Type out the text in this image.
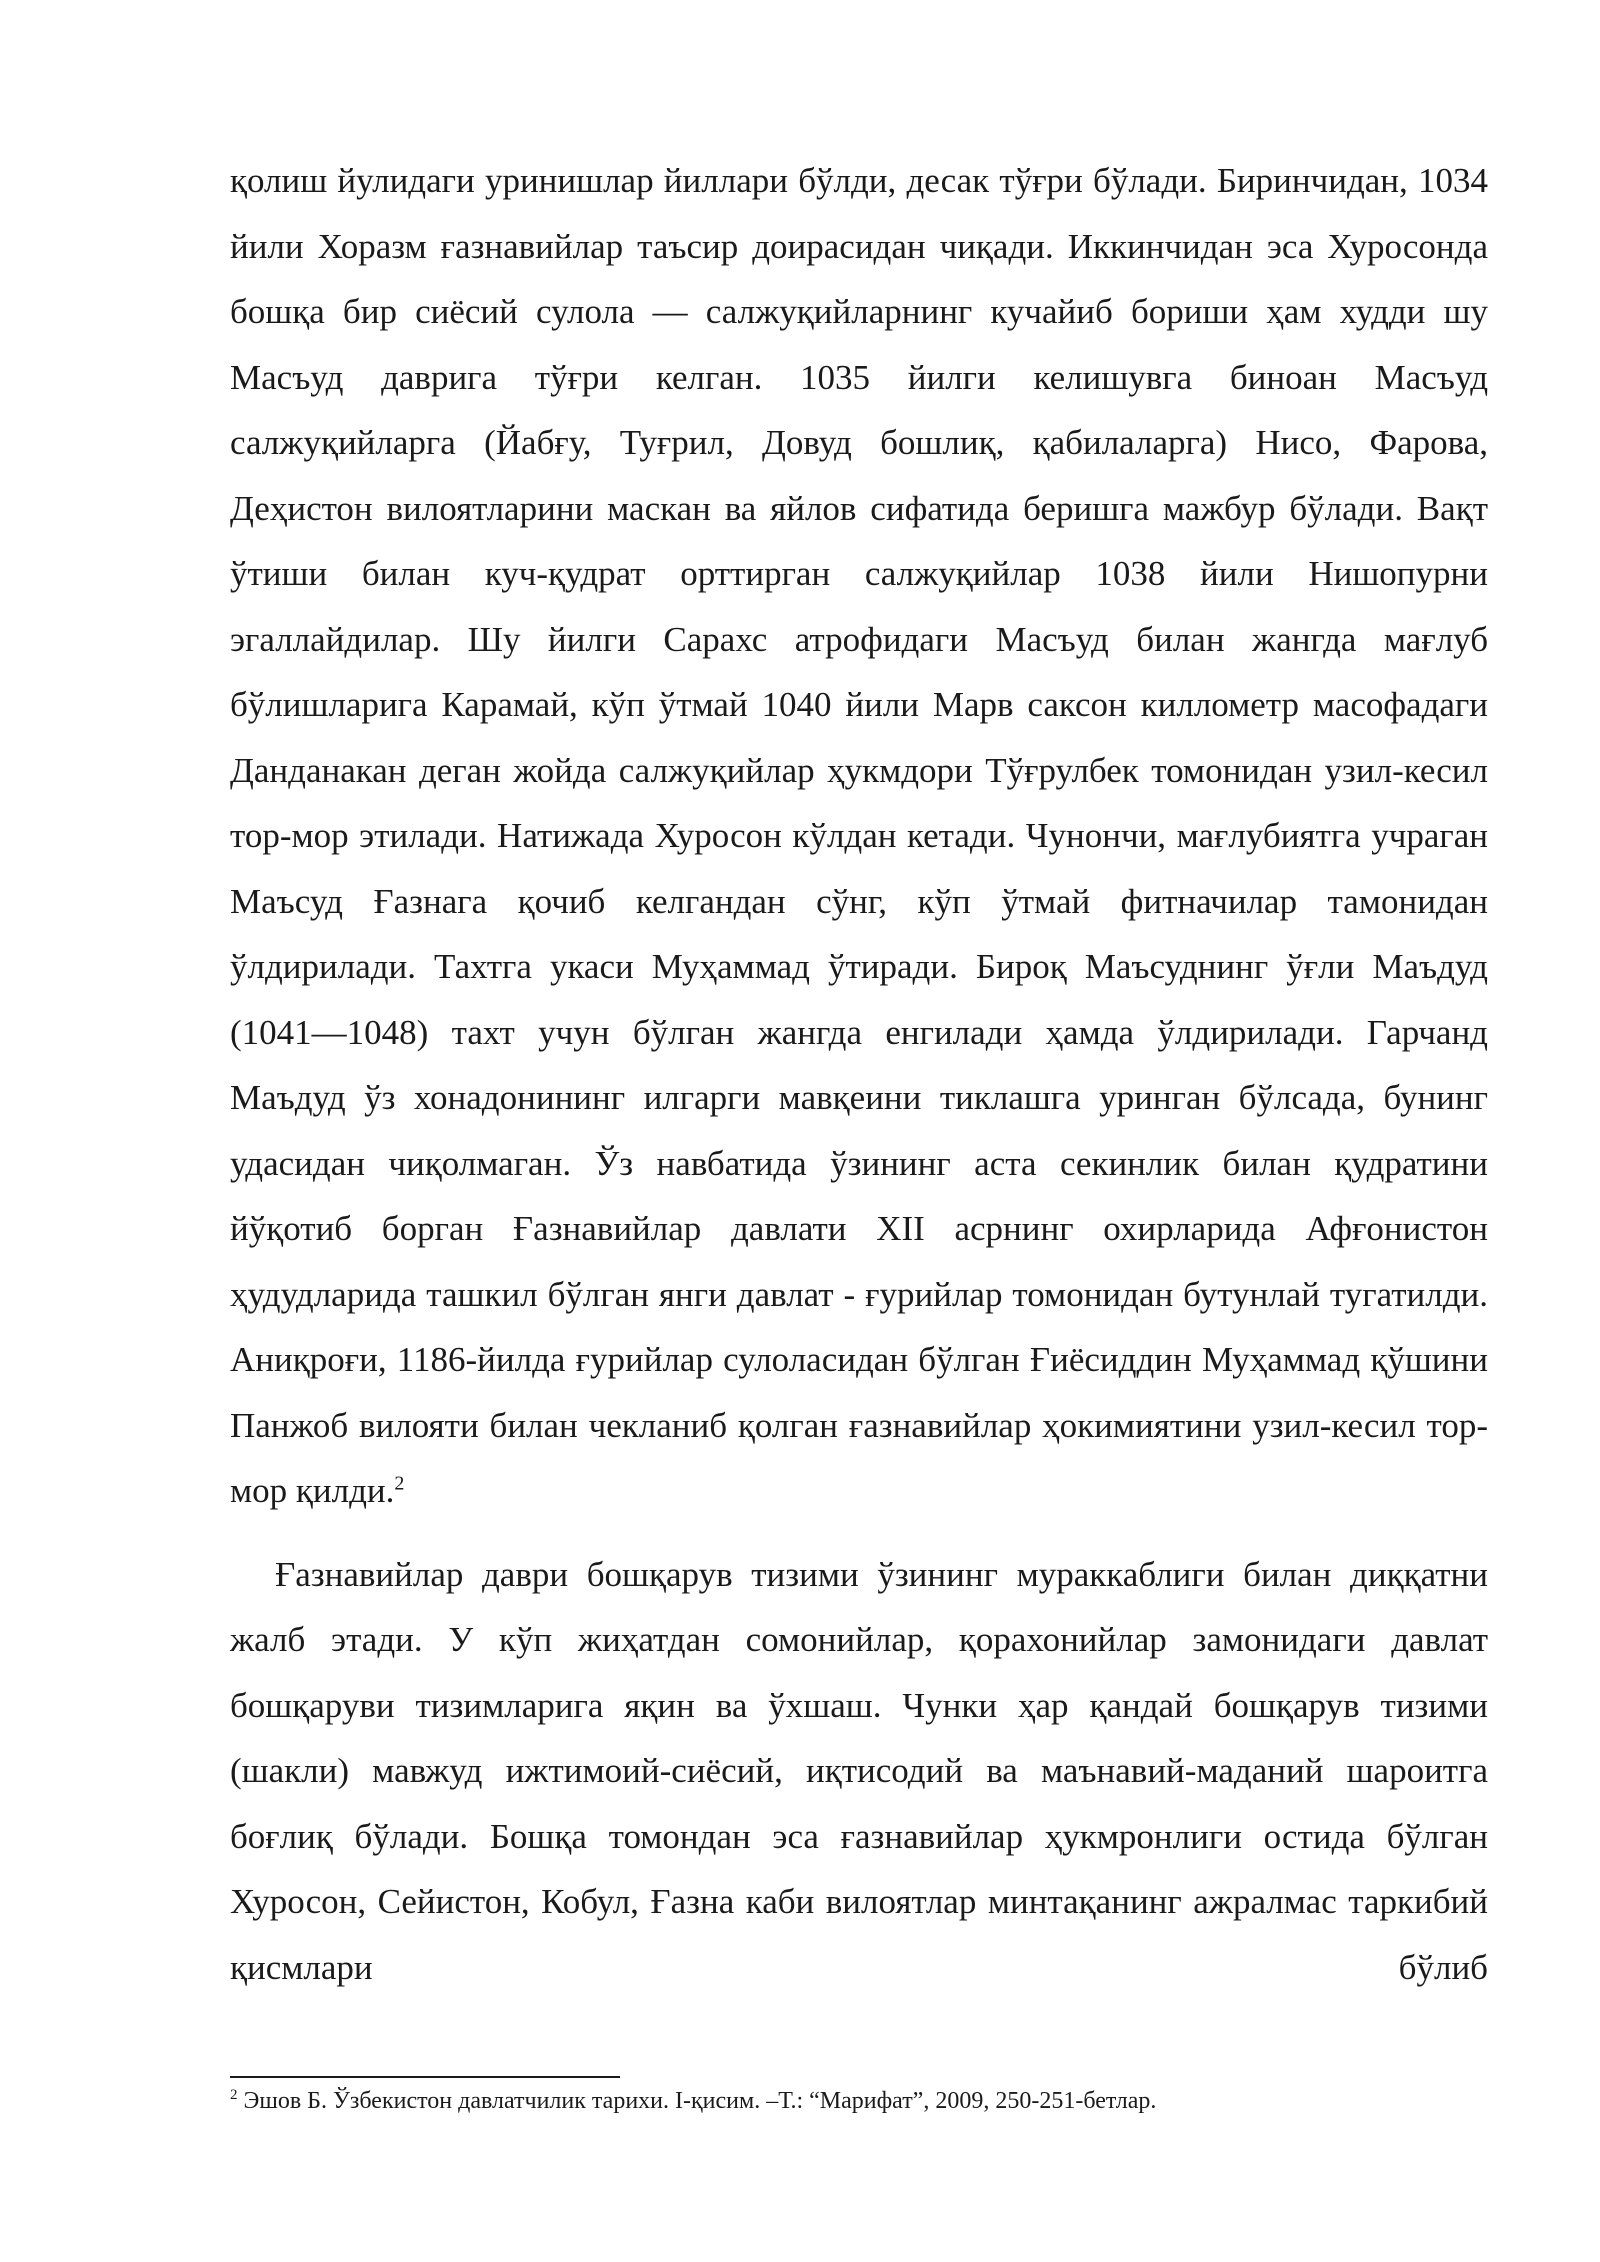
қолиш йулидаги уринишлар йиллари бўлди, десак тўғри бўлади. Биринчидан, 1034 йили Хоразм ғазнавийлар таъсир доирасидан чиқади. Иккинчидан эса Хуросонда бошқа бир сиёсий сулола — салжуқийларнинг кучайиб бориши ҳам худди шу Масъуд даврига тўғри келган. 1035 йилги келишувга биноан Масъуд салжуқийларга (Йабғу, Туғрил, Довуд бошлиқ, қабилаларга) Нисо, Фарова, Деҳистон вилоятларини маскан ва яйлов сифатида беришга мажбур бўлади. Вақт ўтиши билан куч-қудрат орттирган салжуқийлар 1038 йили Нишопурни эгаллайдилар. Шу йилги Сарахс атрофидаги Масъуд билан жангда мағлуб бўлишларига Карамай, кўп ўтмай 1040 йили Марв саксон киллометр масофадаги Данданакан деган жойда салжуқийлар ҳукмдори Тўғрулбек томонидан узил-кесил тор-мор этилади. Натижада Хуросон кўлдан кетади. Чунончи, мағлубиятга учраган Маъсуд Ғазнага қочиб келгандан сўнг, кўп ўтмай фитначилар тамонидан ўлдирилади. Тахтга укаси Муҳаммад ўтиради. Бироқ Маъсуднинг ўғли Маъдуд (1041—1048) тахт учун бўлган жангда енгилади ҳамда ўлдирилади. Гарчанд Маъдуд ўз хонадонининг илгарги мавқеини тиклашга уринган бўлсада, бунинг удасидан чиқолмаган. Ўз навбатида ўзининг аста секинлик билан қудратини йўқотиб борган Ғазнавийлар давлати XII асрнинг охирларида Афғонистон ҳудудларида ташкил бўлган янги давлат - ғурийлар томонидан бутунлай тугатилди. Аниқроғи, 1186-йилда ғурийлар сулоласидан бўлган Ғиёсиддин Муҳаммад қўшини Панжоб вилояти билан чекланиб қолган ғазнавийлар ҳокимиятини узил-кесил тор-мор қилди.$^2$

Ғазнавийлар даври бошқарув тизими ўзининг мураккаблиги билан диққатни жалб этади. У кўп жиҳатдан сомонийлар, қорахонийлар замонидаги давлат бошқаруви тизимларига яқин ва ўхшаш. Чунки ҳар қандай бошқарув тизими (шакли) мавжуд ижтимоий-сиёсий, иқтисодий ва маънавий-маданий шароитга боғлиқ бўлади. Бошқа томондан эса ғазнавийлар ҳукмронлиги остида бўлган Хуросон, Сейистон, Кобул, Ғазна каби вилоятлар минтақанинг ажралмас таркибий қисмлари бўлиб

$^2$ Эшов Б. Ўзбекистон давлатчилик тарихи. I-қисим. –Т.: “Марифат”, 2009, 250-251-бетлар.
